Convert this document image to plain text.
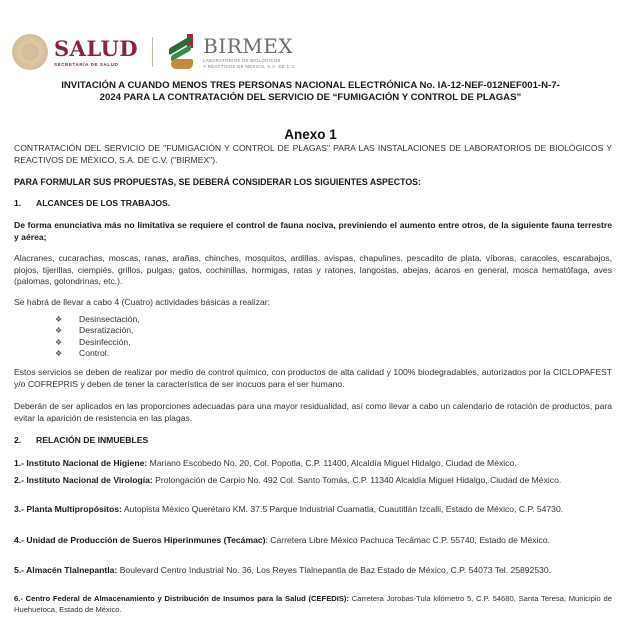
SALUD
SECRETARÍA DE SALUD
BIRMEX
LABORATORIOS DE BIOLÓGICOS
Y REACTIVOS DE MÉXICO, S.A. DE C.V.
INVITACIÓN A CUANDO MENOS TRES PERSONAS NACIONAL ELECTRÓNICA No. IA-12-NEF-012NEF001-N-7-
2024 PARA LA CONTRATACIÓN DEL SERVICIO DE “FUMIGACIÓN Y CONTROL DE PLAGAS”
Anexo 1
CONTRATACIÓN DEL SERVICIO DE "FUMIGACIÓN Y CONTROL DE PLAGAS" PARA LAS INSTALACIONES DE LABORATORIOS DE BIOLÓGICOS Y REACTIVOS DE MÉXICO, S.A. DE C.V. ("BIRMEX").
PARA FORMULAR SUS PROPUESTAS, SE DEBERÁ CONSIDERAR LOS SIGUIENTES ASPECTOS:
1. ALCANCES DE LOS TRABAJOS.
De forma enunciativa más no limitativa se requiere el control de fauna nociva, previniendo el aumento entre otros, de la siguiente fauna terrestre y aérea;
Alacranes, cucarachas, moscas, ranas, arañas, chinches, mosquitos, ardillas, avispas, chapulines, pescadito de plata, víboras, caracoles, escarabajos, piojos, tijerillas, ciempiés, grillos, pulgas, gatos, cochinillas, hormigas, ratas y ratones, langostas, abejas, ácaros en general, mosca hematófaga, aves (palomas, golondrinas, etc.).
Se habrá de llevar a cabo 4 (Cuatro) actividades básicas a realizar:
❖	Desinsectación,
❖	Desratización,
❖	Desinfección,
❖	Control.
Estos servicios se deben de realizar por medio de control químico, con productos de alta calidad y 100% biodegradables, autorizados por la CICLOPAFEST y/o COFREPRIS y deben de tener la característica de ser inocuos para el ser humano.
Deberán de ser aplicados en las proporciones adecuadas para una mayor residualidad, así como llevar a cabo un calendario de rotación de productos, para evitar la aparición de resistencia en las plagas.
2. RELACIÓN DE INMUEBLES
1.- Instituto Nacional de Higiene: Mariano Escobedo No. 20, Col. Popotla, C.P. 11400, Alcaldía Miguel Hidalgo, Ciudad de México.
2.- Instituto Nacional de Virología: Prolongación de Carpio No. 492 Col. Santo Tomás, C.P. 11340 Alcaldía Miguel Hidalgo, Ciudad de México.
3.- Planta Multipropósitos: Autopista México Querétaro KM. 37.5 Parque Industrial Cuamatla, Cuautitlán Izcalli, Estado de México, C.P. 54730.
4.- Unidad de Producción de Sueros Hiperinmunes (Tecámac): Carretera Libre México Pachuca Tecámac C.P. 55740, Estado de México.
5.- Almacén Tlalnepantla: Boulevard Centro Industrial No. 36, Los Reyes Tlalnepantla de Baz Estado de México, C.P. 54073 Tel. 25892530.
6.- Centro Federal de Almacenamiento y Distribución de Insumos para la Salud (CEFEDIS): Carretera Jorobas-Tula kilómetro 5, C.P. 54680, Santa Teresa, Municipio de Huehuetoca, Estado de México.
